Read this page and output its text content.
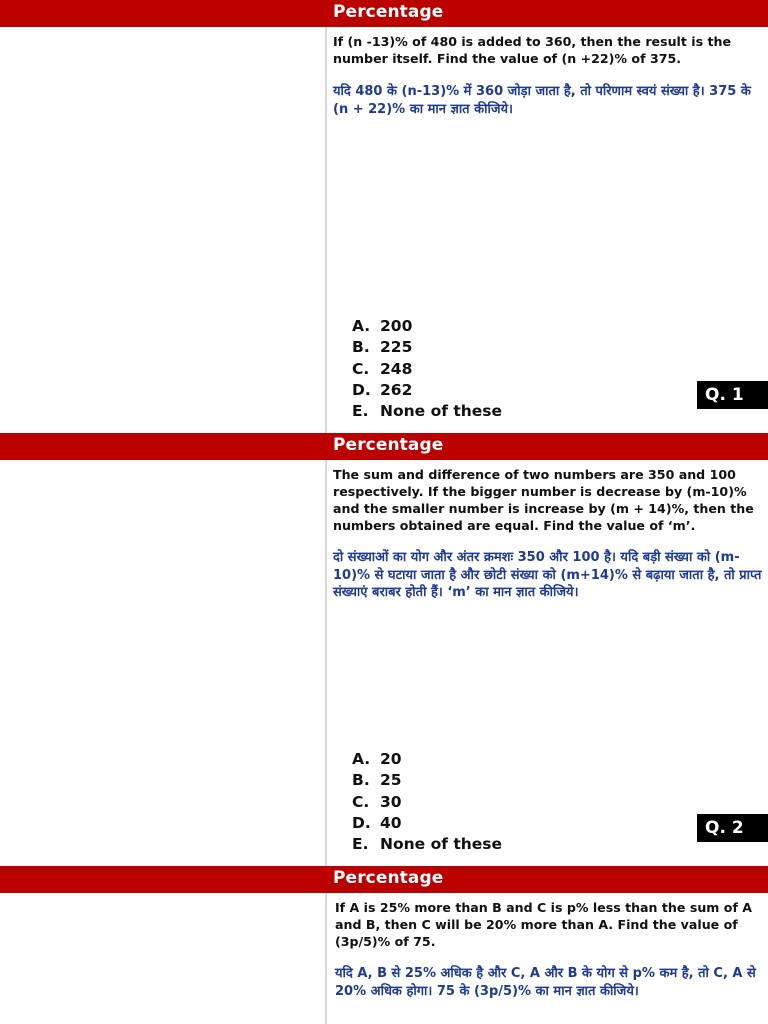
Percentage
If (n -13)% of 480 is added to 360, then the result is the number itself. Find the value of (n +22)% of 375.
यदि 480 के (n-13)% में 360 जोड़ा जाता है, तो परिणाम स्वयं संख्या है। 375 के (n + 22)% का मान ज्ञात कीजिये।
A. 200
B. 225
C. 248
D. 262
E. None of these
Q. 1
Percentage
The sum and difference of two numbers are 350 and 100 respectively. If the bigger number is decrease by (m-10)% and the smaller number is increase by (m + 14)%, then the numbers obtained are equal. Find the value of ‘m’.
दो संख्याओं का योग और अंतर क्रमशः 350 और 100 है। यदि बड़ी संख्या को (m-10)% से घटाया जाता है और छोटी संख्या को (m+14)% से बढ़ाया जाता है, तो प्राप्त संख्याएं बराबर होती हैं। ‘m’ का मान ज्ञात कीजिये।
A. 20
B. 25
C. 30
D. 40
E. None of these
Q. 2
Percentage
If A is 25% more than B and C is p% less than the sum of A and B, then C will be 20% more than A. Find the value of (3p/5)% of 75.
यदि A, B से 25% अधिक है और C, A और B के योग से p% कम है, तो C, A से 20% अधिक होगा। 75 के (3p/5)% का मान ज्ञात कीजिये।
